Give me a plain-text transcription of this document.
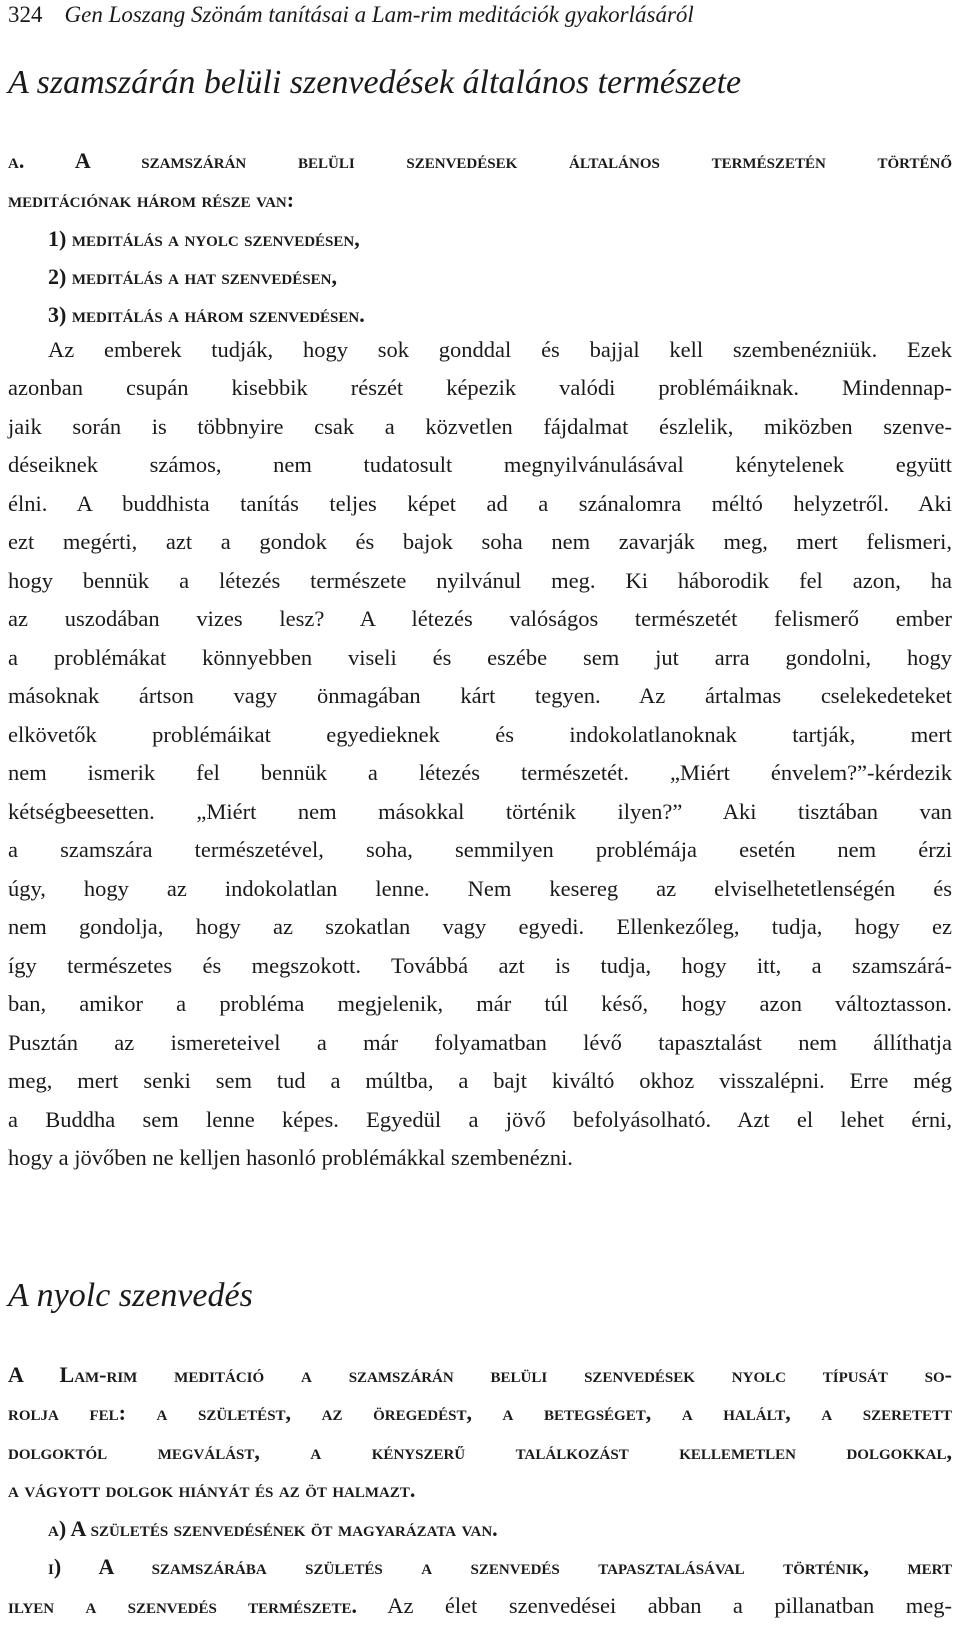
324 Gen Loszang Szönám tanításai a Lam-rim meditációk gyakorlásáról
A szamszárán belüli szenvedések általános természete
a. A szamszárán belüli szenvedések általános természetén történő
meditációnak három része van:
1) meditálás a nyolc szenvedésen,
2) meditálás a hat szenvedésen,
3) meditálás a három szenvedésen.
Az emberek tudják, hogy sok gonddal és bajjal kell szembenézniük. Ezek
azonban csupán kisebbik részét képezik valódi problémáiknak. Mindennap-
jaik során is többnyire csak a közvetlen fájdalmat észlelik, miközben szenve-
déseiknek számos, nem tudatosult megnyilvánulásával kénytelenek együtt
élni. A buddhista tanítás teljes képet ad a szánalomra méltó helyzetről. Aki
ezt megérti, azt a gondok és bajok soha nem zavarják meg, mert felismeri,
hogy bennük a létezés természete nyilvánul meg. Ki háborodik fel azon, ha
az uszodában vizes lesz? A létezés valóságos természetét felismerő ember
a problémákat könnyebben viseli és eszébe sem jut arra gondolni, hogy
másoknak ártson vagy önmagában kárt tegyen. Az ártalmas cselekedeteket
elkövetők problémáikat egyedieknek és indokolatlanoknak tartják, mert
nem ismerik fel bennük a létezés természetét. „Miért énvelem?”-kérdezik
kétségbeesetten. „Miért nem másokkal történik ilyen?” Aki tisztában van
a szamszára természetével, soha, semmilyen problémája esetén nem érzi
úgy, hogy az indokolatlan lenne. Nem kesereg az elviselhetetlenségén és
nem gondolja, hogy az szokatlan vagy egyedi. Ellenkezőleg, tudja, hogy ez
így természetes és megszokott. Továbbá azt is tudja, hogy itt, a szamszárá-
ban, amikor a probléma megjelenik, már túl késő, hogy azon változtasson.
Pusztán az ismereteivel a már folyamatban lévő tapasztalást nem állíthatja
meg, mert senki sem tud a múltba, a bajt kiváltó okhoz visszalépni. Erre még
a Buddha sem lenne képes. Egyedül a jövő befolyásolható. Azt el lehet érni,
hogy a jövőben ne kelljen hasonló problémákkal szembenézni.
A nyolc szenvedés
A Lam-rim meditáció a szamszárán belüli szenvedések nyolc típusát so-
rolja fel: a születést, az öregedést, a betegséget, a halált, a szeretett
dolgoktól megválást, a kényszerű találkozást kellemetlen dolgokkal,
a vágyott dolgok hiányát és az öt halmazt.
a) A születés szenvedésének öt magyarázata van.
i) A szamszárába születés a szenvedés tapasztalásával történik, mert
ilyen a szenvedés természete. Az élet szenvedései abban a pillanatban meg-
